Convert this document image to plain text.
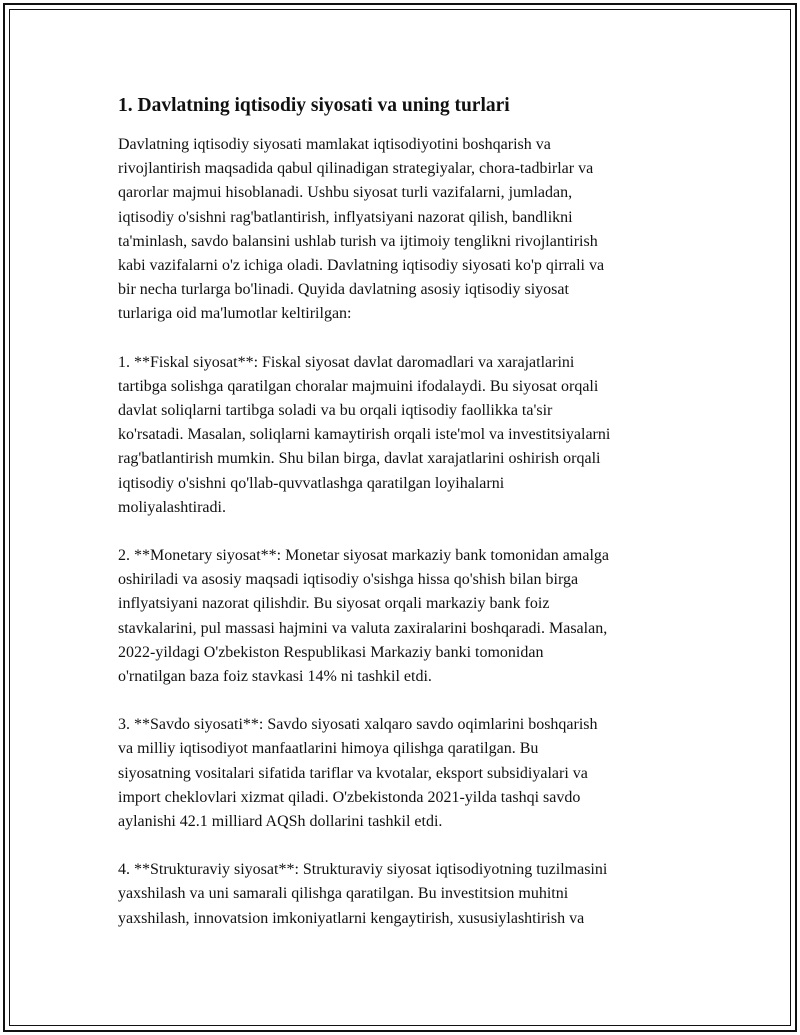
1. Davlatning iqtisodiy siyosati va uning turlari

Davlatning iqtisodiy siyosati mamlakat iqtisodiyotini boshqarish va
rivojlantirish maqsadida qabul qilinadigan strategiyalar, chora-tadbirlar va
qarorlar majmui hisoblanadi. Ushbu siyosat turli vazifalarni, jumladan,
iqtisodiy o'sishni rag'batlantirish, inflyatsiyani nazorat qilish, bandlikni
ta'minlash, savdo balansini ushlab turish va ijtimoiy tenglikni rivojlantirish
kabi vazifalarni o'z ichiga oladi. Davlatning iqtisodiy siyosati ko'p qirrali va
bir necha turlarga bo'linadi. Quyida davlatning asosiy iqtisodiy siyosat
turlariga oid ma'lumotlar keltirilgan:

1. **Fiskal siyosat**: Fiskal siyosat davlat daromadlari va xarajatlarini
tartibga solishga qaratilgan choralar majmuini ifodalaydi. Bu siyosat orqali
davlat soliqlarni tartibga soladi va bu orqali iqtisodiy faollikka ta'sir
ko'rsatadi. Masalan, soliqlarni kamaytirish orqali iste'mol va investitsiyalarni
rag'batlantirish mumkin. Shu bilan birga, davlat xarajatlarini oshirish orqali
iqtisodiy o'sishni qo'llab-quvvatlashga qaratilgan loyihalarni
moliyalashtiradi.

2. **Monetary siyosat**: Monetar siyosat markaziy bank tomonidan amalga
oshiriladi va asosiy maqsadi iqtisodiy o'sishga hissa qo'shish bilan birga
inflyatsiyani nazorat qilishdir. Bu siyosat orqali markaziy bank foiz
stavkalarini, pul massasi hajmini va valuta zaxiralarini boshqaradi. Masalan,
2022-yildagi O'zbekiston Respublikasi Markaziy banki tomonidan
o'rnatilgan baza foiz stavkasi 14% ni tashkil etdi.

3. **Savdo siyosati**: Savdo siyosati xalqaro savdo oqimlarini boshqarish
va milliy iqtisodiyot manfaatlarini himoya qilishga qaratilgan. Bu
siyosatning vositalari sifatida tariflar va kvotalar, eksport subsidiyalari va
import cheklovlari xizmat qiladi. O'zbekistonda 2021-yilda tashqi savdo
aylanishi 42.1 milliard AQSh dollarini tashkil etdi.

4. **Strukturaviy siyosat**: Strukturaviy siyosat iqtisodiyotning tuzilmasini
yaxshilash va uni samarali qilishga qaratilgan. Bu investitsion muhitni
yaxshilash, innovatsion imkoniyatlarni kengaytirish, xususiylashtirish va
